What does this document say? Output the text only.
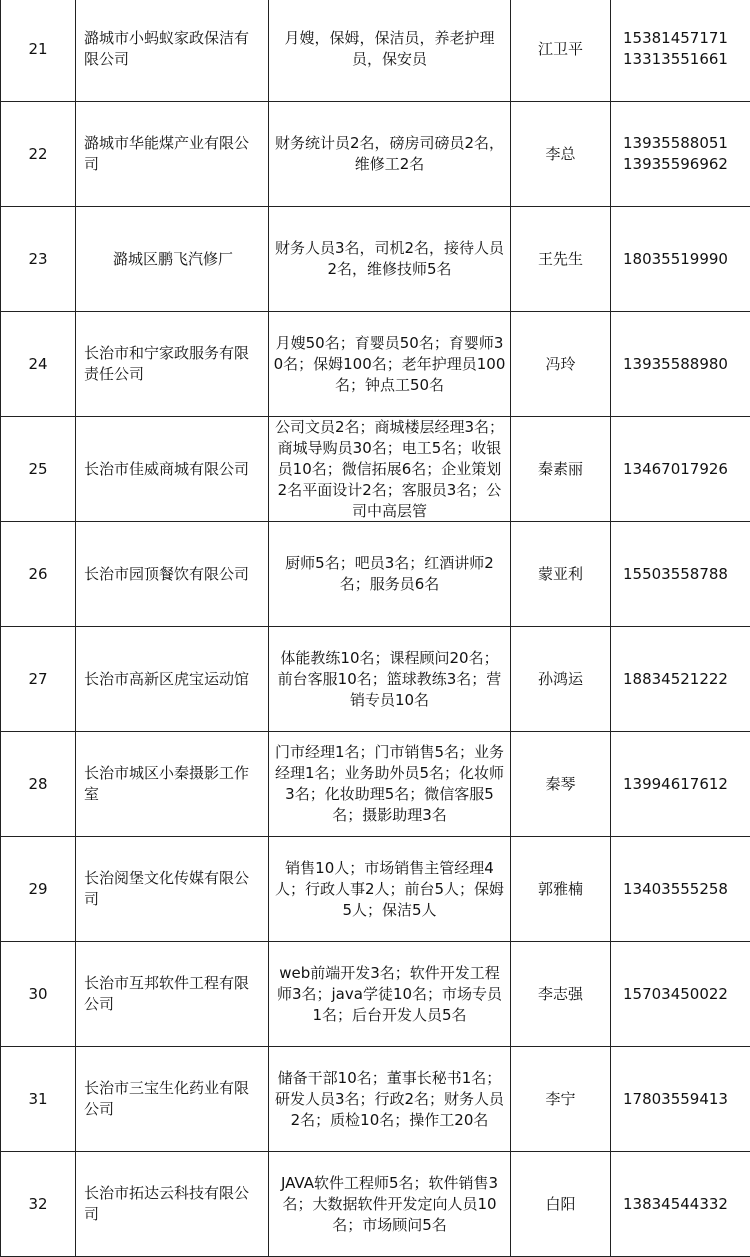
21	潞城市小蚂蚁家政保洁有限公司	月嫂，保姆，保洁员，养老护理员，保安员	江卫平	15381457171
13313551661

22	潞城市华能煤产业有限公司	财务统计员2名，磅房司磅员2名，维修工2名	李总	13935588051
13935596962

23	潞城区鹏飞汽修厂	财务人员3名，司机2名，接待人员2名，维修技师5名	王先生	18035519990

24	长治市和宁家政服务有限责任公司	月嫂50名；育婴员50名；育婴师30名；保姆100名；老年护理员100名；钟点工50名	冯玲	13935588980

25	长治市佳威商城有限公司	公司文员2名；商城楼层经理3名；商城导购员30名；电工5名；收银员10名；微信拓展6名；企业策划2名平面设计2名；客服员3名；公司中高层管	秦素丽	13467017926

26	长治市园顶餐饮有限公司	厨师5名；吧员3名；红酒讲师2名；服务员6名	蒙亚利	15503558788

27	长治市高新区虎宝运动馆	体能教练10名；课程顾问20名；前台客服10名；篮球教练3名；营销专员10名	孙鸿运	18834521222

28	长治市城区小秦摄影工作室	门市经理1名；门市销售5名；业务经理1名；业务助外员5名；化妆师3名；化妆助理5名；微信客服5名；摄影助理3名	秦琴	13994617612

29	长治阅堡文化传媒有限公司	销售10人；市场销售主管经理4人；行政人事2人；前台5人；保姆5人；保洁5人	郭雅楠	13403555258

30	长治市互邦软件工程有限公司	web前端开发3名；软件开发工程师3名；java学徒10名；市场专员1名；后台开发人员5名	李志强	15703450022

31	长治市三宝生化药业有限公司	储备干部10名；董事长秘书1名；研发人员3名；行政2名；财务人员2名；质检10名；操作工20名	李宁	17803559413

32	长治市拓达云科技有限公司	JAVA软件工程师5名；软件销售3名；大数据软件开发定向人员10名；市场顾问5名	白阳	13834544332
